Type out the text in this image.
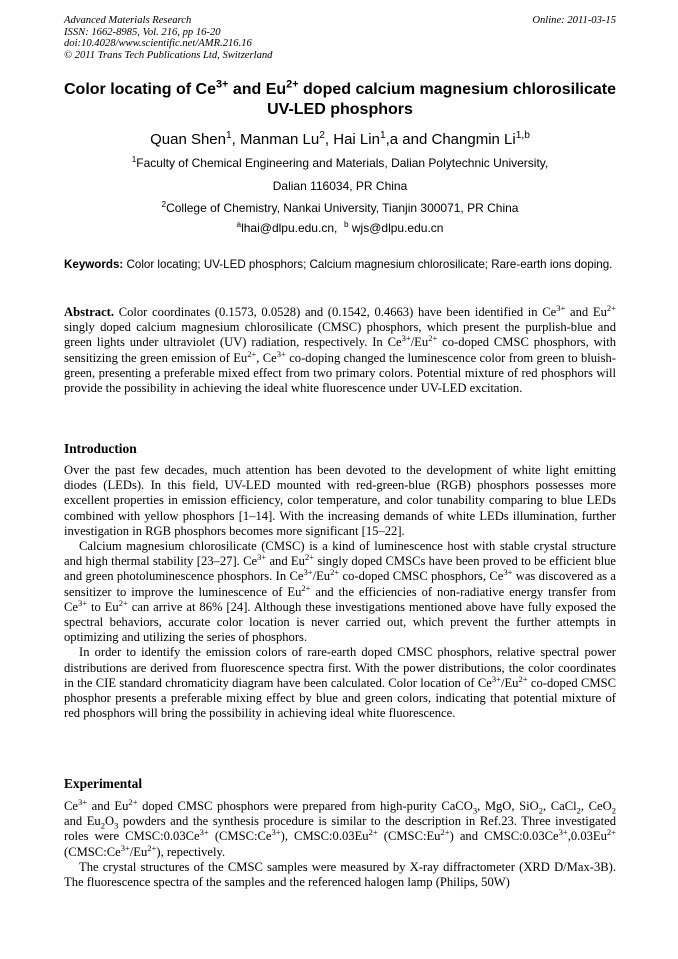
Advanced Materials Research
ISSN: 1662-8985, Vol. 216, pp 16-20
doi:10.4028/www.scientific.net/AMR.216.16
© 2011 Trans Tech Publications Ltd, Switzerland
Online: 2011-03-15
Color locating of $Ce^{3+}$ and $Eu^{2+}$ doped calcium magnesium chlorosilicate
UV-LED phosphors
Quan Shen$^1$, Manman Lu$^2$, Hai Lin$^1$,a and Changmin Li$^{1,b}$
$^1$Faculty of Chemical Engineering and Materials, Dalian Polytechnic University,
Dalian 116034, PR China
$^2$College of Chemistry, Nankai University, Tianjin 300071, PR China
$^a$lhai@dlpu.edu.cn, $^b$ wjs@dlpu.edu.cn
Keywords: Color locating; UV-LED phosphors; Calcium magnesium chlorosilicate; Rare-earth ions doping.
Abstract. Color coordinates (0.1573, 0.0528) and (0.1542, 0.4663) have been identified in $Ce^{3+}$ and $Eu^{2+}$ singly doped calcium magnesium chlorosilicate (CMSC) phosphors, which present the purplish-blue and green lights under ultraviolet (UV) radiation, respectively. In $Ce^{3+}/Eu^{2+}$ co-doped CMSC phosphors, with sensitizing the green emission of $Eu^{2+}$, $Ce^{3+}$ co-doping changed the luminescence color from green to bluish-green, presenting a preferable mixed effect from two primary colors. Potential mixture of red phosphors will provide the possibility in achieving the ideal white fluorescence under UV-LED excitation.
Introduction
Over the past few decades, much attention has been devoted to the development of white light emitting diodes (LEDs). In this field, UV-LED mounted with red-green-blue (RGB) phosphors possesses more excellent properties in emission efficiency, color temperature, and color tunability comparing to blue LEDs combined with yellow phosphors [1–14]. With the increasing demands of white LEDs illumination, further investigation in RGB phosphors becomes more significant [15–22].
Calcium magnesium chlorosilicate (CMSC) is a kind of luminescence host with stable crystal structure and high thermal stability [23–27]. $Ce^{3+}$ and $Eu^{2+}$ singly doped CMSCs have been proved to be efficient blue and green photoluminescence phosphors. In $Ce^{3+}/Eu^{2+}$ co-doped CMSC phosphors, $Ce^{3+}$ was discovered as a sensitizer to improve the luminescence of $Eu^{2+}$ and the efficiencies of non-radiative energy transfer from $Ce^{3+}$ to $Eu^{2+}$ can arrive at 86% [24]. Although these investigations mentioned above have fully exposed the spectral behaviors, accurate color location is never carried out, which prevent the further attempts in optimizing and utilizing the series of phosphors.
In order to identify the emission colors of rare-earth doped CMSC phosphors, relative spectral power distributions are derived from fluorescence spectra first. With the power distributions, the color coordinates in the CIE standard chromaticity diagram have been calculated. Color location of $Ce^{3+}/Eu^{2+}$ co-doped CMSC phosphor presents a preferable mixing effect by blue and green colors, indicating that potential mixture of red phosphors will bring the possibility in achieving ideal white fluorescence.
Experimental
$Ce^{3+}$ and $Eu^{2+}$ doped CMSC phosphors were prepared from high-purity CaCO$_3$, MgO, SiO$_2$, CaCl$_2$, CeO$_2$ and $Eu_2O_3$ powders and the synthesis procedure is similar to the description in Ref.23. Three investigated roles were $CMSC:0.03Ce^{3+}$ $(CMSC:Ce^{3+})$, $CMSC:0.03Eu^{2+}$ $(CMSC:Eu^{2+})$ and $CMSC:0.03Ce^{3+},0.03Eu^{2+}$ $(CMSC:Ce^{3+}/Eu^{2+})$, repectively.
The crystal structures of the CMSC samples were measured by X-ray diffractometer (XRD D/Max-3B). The fluorescence spectra of the samples and the referenced halogen lamp (Philips, 50W)
